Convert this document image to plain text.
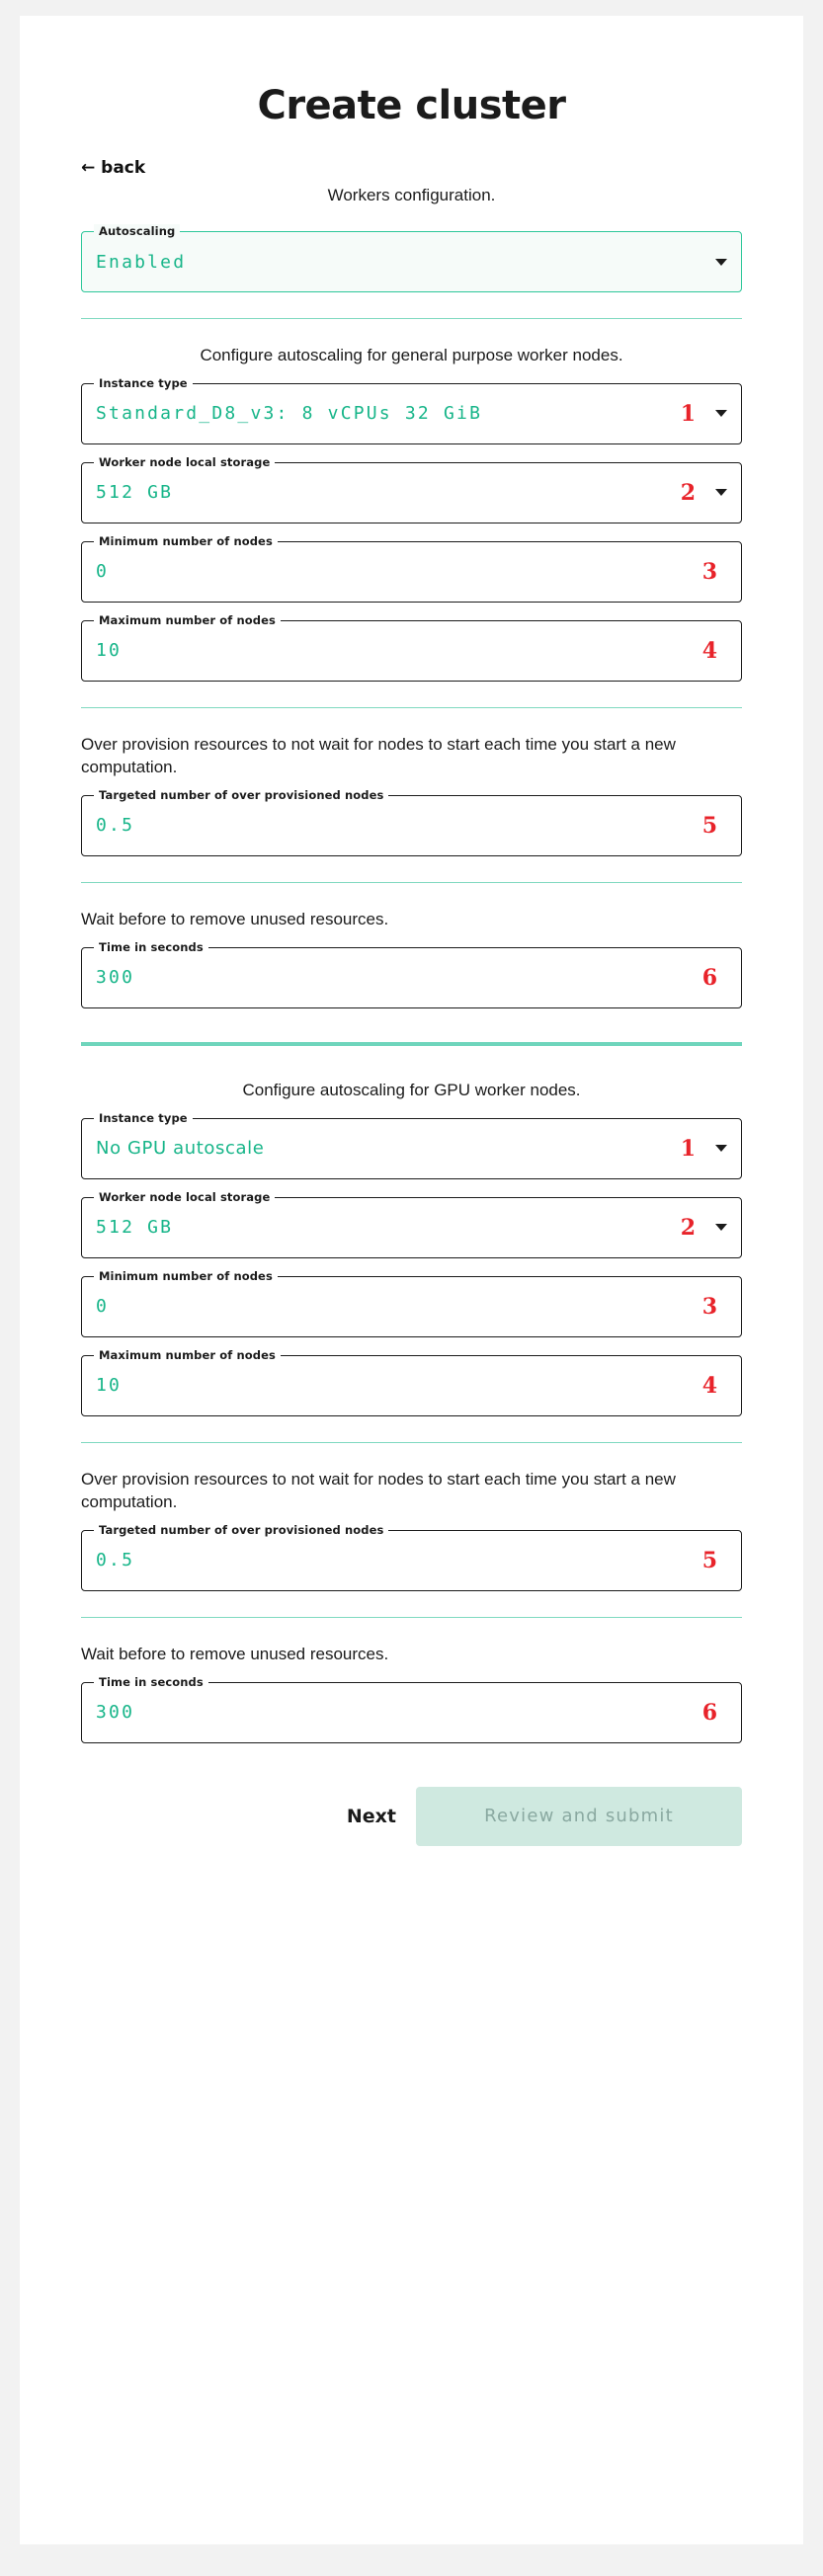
Create cluster
← back
Workers configuration.
Autoscaling
Enabled
Configure autoscaling for general purpose worker nodes.
Instance type
Standard_D8_v3: 8 vCPUs 32 GiB	1
Worker node local storage
512 GB	2
Minimum number of nodes
0	3
Maximum number of nodes
10	4
Over provision resources to not wait for nodes to start each time you start a new computation.
Targeted number of over provisioned nodes
0.5	5
Wait before to remove unused resources.
Time in seconds
300	6
Configure autoscaling for GPU worker nodes.
Instance type
No GPU autoscale	1
Worker node local storage
512 GB	2
Minimum number of nodes
0	3
Maximum number of nodes
10	4
Over provision resources to not wait for nodes to start each time you start a new computation.
Targeted number of over provisioned nodes
0.5	5
Wait before to remove unused resources.
Time in seconds
300	6
Next	Review and submit
